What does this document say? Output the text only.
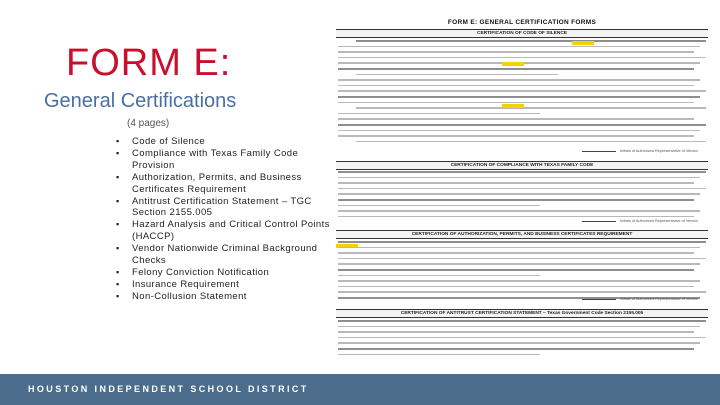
FORM E:
General Certifications
(4 pages)
▪ Code of Silence
▪ Compliance with Texas Family Code Provision
▪ Authorization, Permits, and Business Certificates Requirement
▪ Antitrust Certification Statement – TGC Section 2155.005
▪ Hazard Analysis and Critical Control Points (HACCP)
▪ Vendor Nationwide Criminal Background Checks
▪ Felony Conviction Notification
▪ Insurance Requirement
▪ Non-Collusion Statement
FORM E: GENERAL CERTIFICATION FORMS
CERTIFICATION OF CODE OF SILENCE
Initials of Authorized Representative of Vendor
CERTIFICATION OF COMPLIANCE WITH TEXAS FAMILY CODE
Initials of Authorized Representative of Vendor
CERTIFICATION OF AUTHORIZATION, PERMITS, AND BUSINESS CERTIFICATES REQUIREMENT
Initials of Authorized Representative of Vendor
CERTIFICATION OF ANTITRUST CERTIFICATION STATEMENT – Texas Government Code Section 2155.005
HOUSTON INDEPENDENT SCHOOL DISTRICT
